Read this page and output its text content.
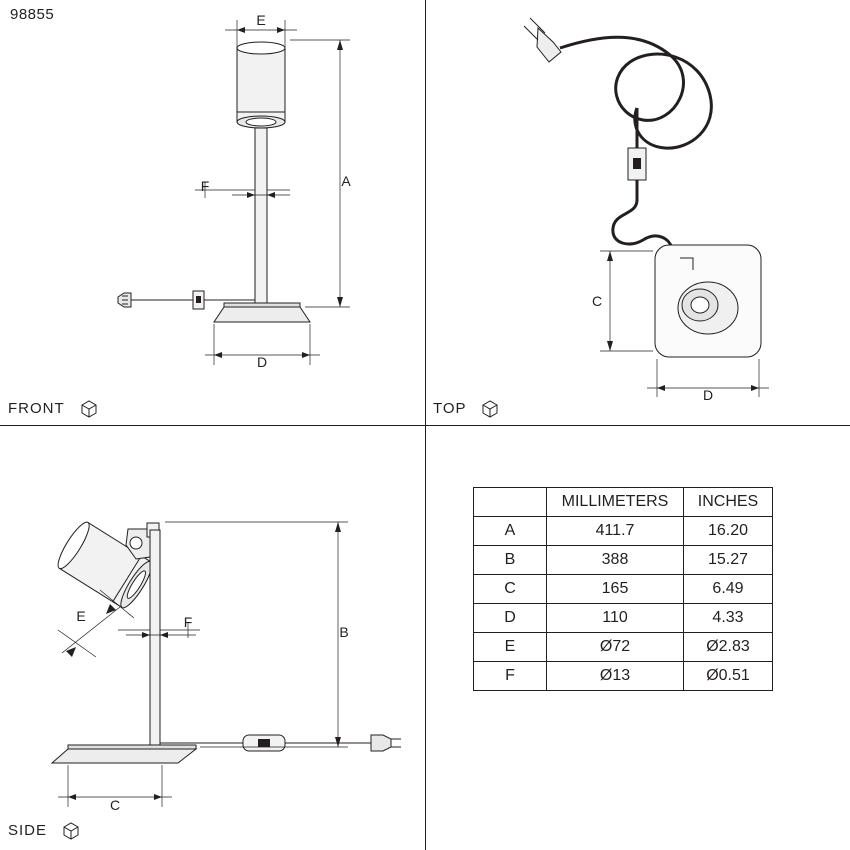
98855	E
A
F
D
FRONT
C
D
TOP
E	F
B
C
SIDE
	MILLIMETERS	INCHES
A	411.7	16.20
B	388	15.27
C	165	6.49
D	110	4.33
E	Ø72	Ø2.83
F	Ø13	Ø0.51
